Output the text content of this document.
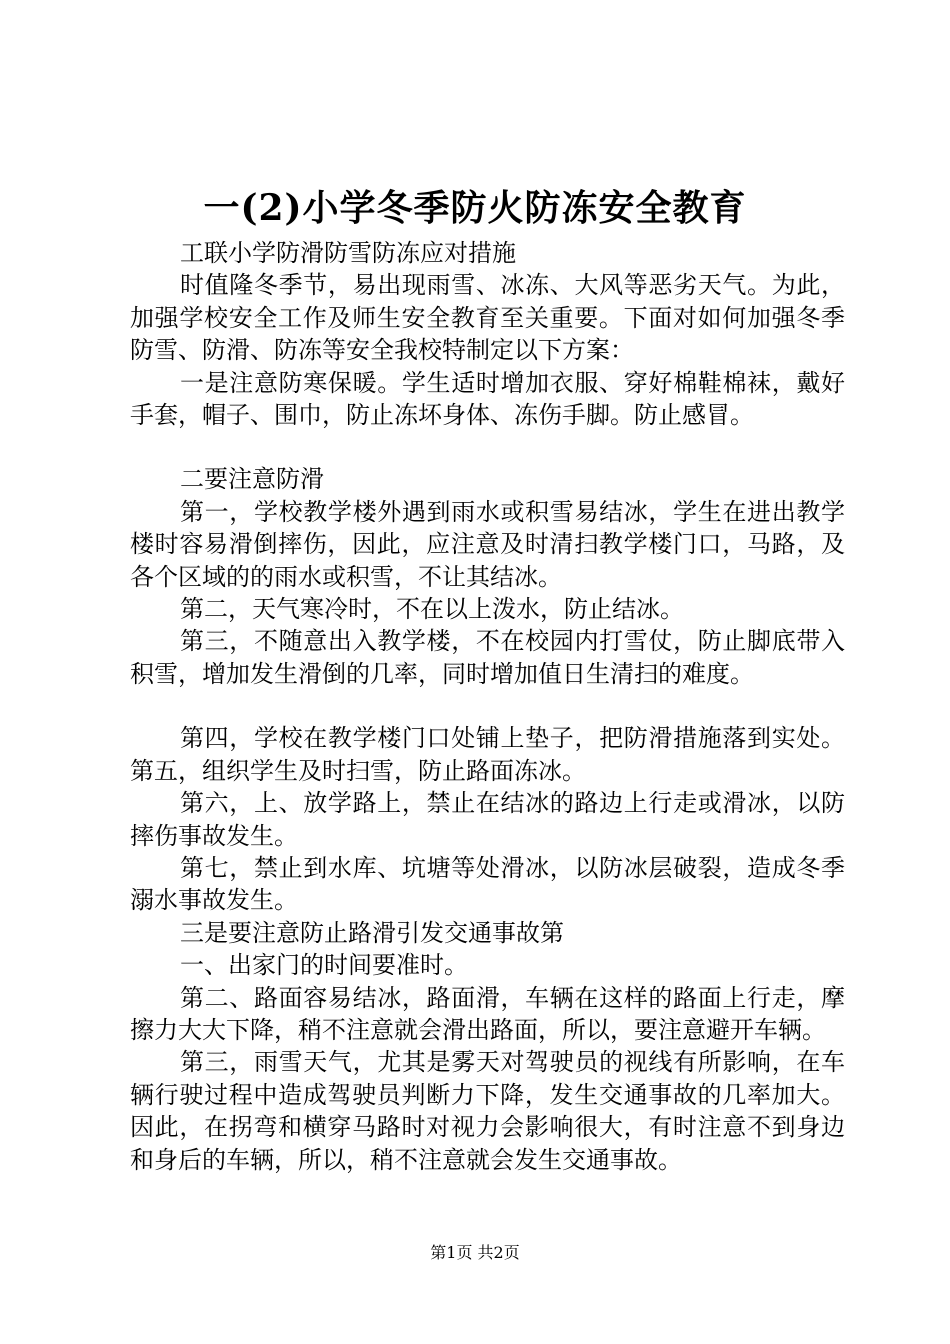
一(2)小学冬季防火防冻安全教育

工联小学防滑防雪防冻应对措施

时值隆冬季节，易出现雨雪、冰冻、大风等恶劣天气。为此，加强学校安全工作及师生安全教育至关重要。下面对如何加强冬季防雪、防滑、防冻等安全我校特制定以下方案：

一是注意防寒保暖。学生适时增加衣服、穿好棉鞋棉袜，戴好手套，帽子、围巾，防止冻坏身体、冻伤手脚。防止感冒。

二要注意防滑

第一，学校教学楼外遇到雨水或积雪易结冰，学生在进出教学楼时容易滑倒摔伤，因此，应注意及时清扫教学楼门口，马路，及各个区域的的雨水或积雪，不让其结冰。

第二，天气寒冷时，不在以上泼水，防止结冰。

第三，不随意出入教学楼，不在校园内打雪仗，防止脚底带入积雪，增加发生滑倒的几率，同时增加值日生清扫的难度。

第四，学校在教学楼门口处铺上垫子，把防滑措施落到实处。第五，组织学生及时扫雪，防止路面冻冰。

第六，上、放学路上，禁止在结冰的路边上行走或滑冰，以防摔伤事故发生。

第七，禁止到水库、坑塘等处滑冰，以防冰层破裂，造成冬季溺水事故发生。

三是要注意防止路滑引发交通事故第

一、出家门的时间要准时。

第二、路面容易结冰，路面滑，车辆在这样的路面上行走，摩擦力大大下降，稍不注意就会滑出路面，所以，要注意避开车辆。

第三，雨雪天气，尤其是雾天对驾驶员的视线有所影响，在车辆行驶过程中造成驾驶员判断力下降，发生交通事故的几率加大。因此，在拐弯和横穿马路时对视力会影响很大，有时注意不到身边和身后的车辆，所以，稍不注意就会发生交通事故。

第1页 共2页
